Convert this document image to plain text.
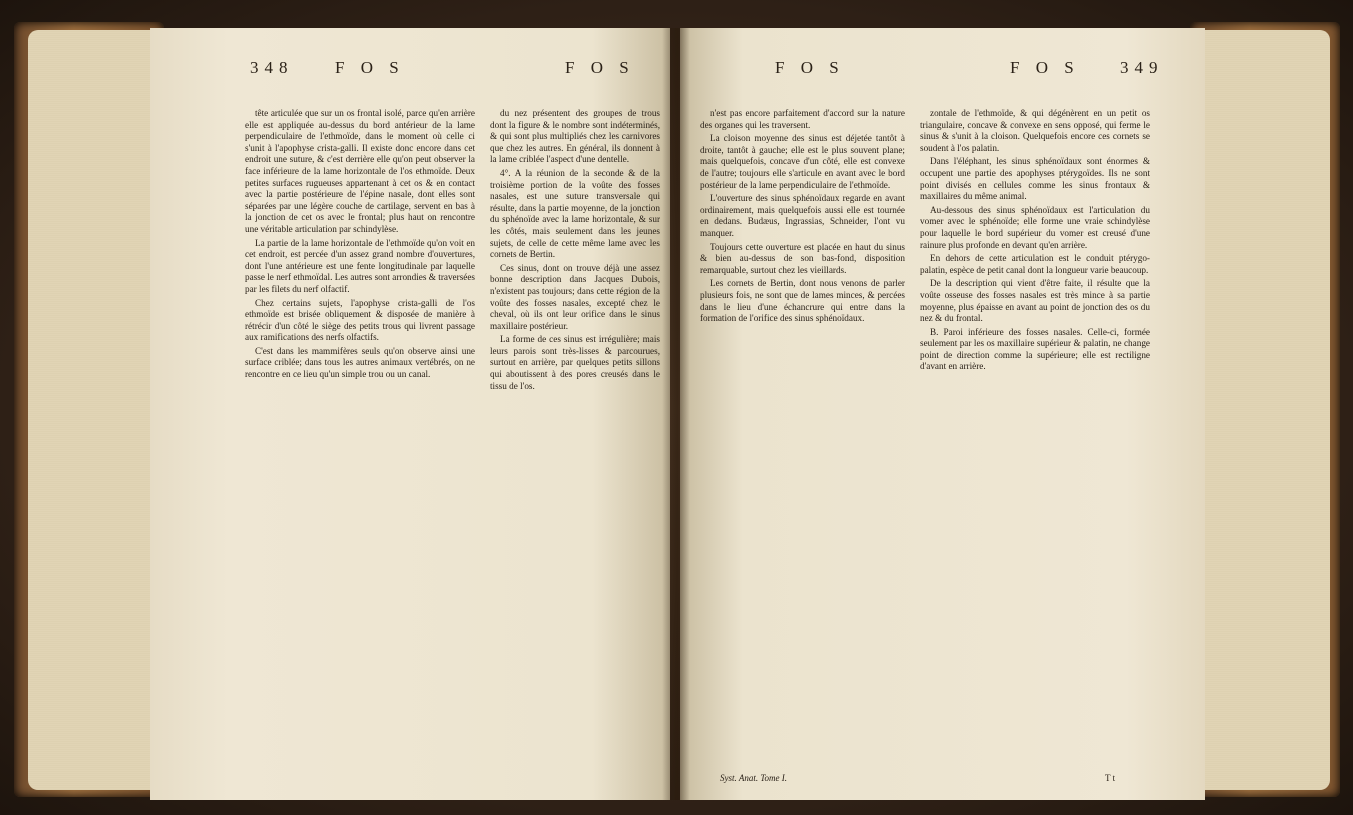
348 F O S	F O S

tête articulée que sur un os frontal isolé, parce qu'en arrière elle est appliquée au-dessus du bord antérieur de la lame perpendiculaire de l'ethmoïde, dans le moment où celle ci s'unit à l'apophyse crista-galli. Il existe donc encore dans cet endroit une suture, & c'est derrière elle qu'on peut observer la face inférieure de la lame horizontale de l'os ethmoïde. Deux petites surfaces rugueuses appartenant à cet os & en contact avec la partie postérieure de l'épine nasale, dont elles sont séparées par une légère couche de cartilage, servent en bas à la jonction de cet os avec le frontal; plus haut on rencontre une véritable articulation par schindylèse.

La partie de la lame horizontale de l'ethmoïde qu'on voit en cet endroit, est percée d'un assez grand nombre d'ouvertures, dont l'une antérieure est une fente longitudinale par laquelle passe le nerf ethmoïdal. Les autres sont arrondies & traversées par les filets du nerf olfactif.

Chez certains sujets, l'apophyse crista-galli de l'os ethmoïde est brisée obliquement & disposée de manière à rétrécir d'un côté le siège des petits trous qui livrent passage aux ramifications des nerfs olfactifs.

C'est dans les mammifères seuls qu'on observe ainsi une surface criblée; dans tous les autres animaux vertébrés, on ne rencontre en ce lieu qu'un simple trou ou un canal.

du nez présentent des groupes de trous dont la figure & le nombre sont indéterminés, & qui sont plus multipliés chez les carnivores que chez les autres. En général, ils donnent à la lame criblée l'aspect d'une dentelle.

4°. A la réunion de la seconde & de la troisième portion de la voûte des fosses nasales, est une suture transversale qui résulte, dans la partie moyenne, de la jonction du sphénoïde avec la lame horizontale, & sur les côtés, mais seulement dans les jeunes sujets, de celle de cette même lame avec les cornets de Bertin.

Ces sinus, dont on trouve déjà une assez bonne description dans Jacques Dubois, n'existent pas toujours; dans cette région de la voûte des fosses nasales, excepté chez le cheval, où ils ont leur orifice dans le sinus maxillaire postérieur.

La forme de ces sinus est irrégulière; mais leurs parois sont très-lisses & parcourues, surtout en arrière, par quelques petits sillons qui aboutissent à des pores creusés dans le tissu de l'os.

F O S	F O S 349

n'est pas encore parfaitement d'accord sur la nature des organes qui les traversent.

La cloison moyenne des sinus est déjetée tantôt à droite, tantôt à gauche; elle est le plus souvent plane; mais quelquefois, concave d'un côté, elle est convexe de l'autre; toujours elle s'articule en avant avec le bord postérieur de la lame perpendiculaire de l'ethmoïde.

L'ouverture des sinus sphénoïdaux regarde en avant ordinairement, mais quelquefois aussi elle est tournée en dedans. Budæus, Ingrassias, Schneider, l'ont vu manquer.

Toujours cette ouverture est placée en haut du sinus & bien au-dessus de son bas-fond, disposition remarquable, surtout chez les vieillards.

Les cornets de Bertin, dont nous venons de parler plusieurs fois, ne sont que de lames minces, & percées dans le lieu d'une échancrure qui entre dans la formation de l'orifice des sinus sphénoïdaux.

zontale de l'ethmoïde, & qui dégénèrent en un petit os triangulaire, concave & convexe en sens opposé, qui ferme le sinus & s'unit à la cloison. Quelquefois encore ces cornets se soudent à l'os palatin.

Dans l'éléphant, les sinus sphénoïdaux sont énormes & occupent une partie des apophyses ptérygoïdes. Ils ne sont point divisés en cellules comme les sinus frontaux & maxillaires du même animal.

Au-dessous des sinus sphénoïdaux est l'articulation du vomer avec le sphénoïde; elle forme une vraie schindylèse pour laquelle le bord supérieur du vomer est creusé d'une rainure plus profonde en devant qu'en arrière.

En dehors de cette articulation est le conduit ptérygo-palatin, espèce de petit canal dont la longueur varie beaucoup.

De la description qui vient d'être faite, il résulte que la voûte osseuse des fosses nasales est très mince à sa partie moyenne, plus épaisse en avant au point de jonction des os du nez & du frontal.

B. Paroi inférieure des fosses nasales. Celle-ci, formée seulement par les os maxillaire supérieur & palatin, ne change point de direction comme la supérieure; elle est rectiligne d'avant en arrière.

Syst. Anat. Tome I.	T t
